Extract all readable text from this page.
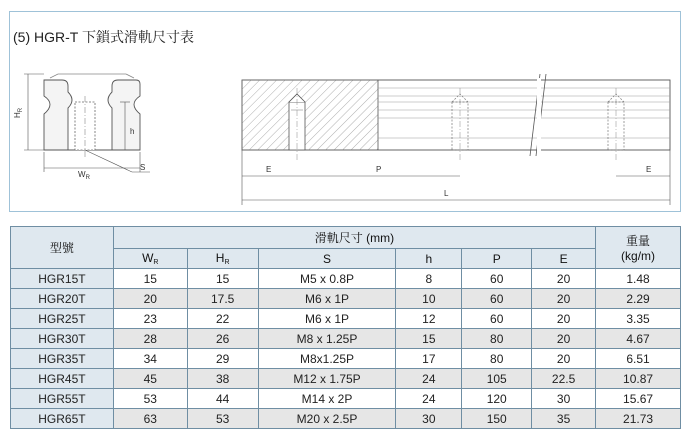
(5) HGR-T 下鎖式滑軌尺寸表
$H_R$
h
$W_R$
S	E	P	E
L
型號	滑軌尺寸 (mm)						重量
(kg/m)
	$W_R$	$H_R$	S	h	P	E	
HGR15T	15	15	M5 x 0.8P	8	60	20	1.48
HGR20T	20	17.5	M6 x 1P	10	60	20	2.29
HGR25T	23	22	M6 x 1P	12	60	20	3.35
HGR30T	28	26	M8 x 1.25P	15	80	20	4.67
HGR35T	34	29	M8x1.25P	17	80	20	6.51
HGR45T	45	38	M12 x 1.75P	24	105	22.5	10.87
HGR55T	53	44	M14 x 2P	24	120	30	15.67
HGR65T	63	53	M20 x 2.5P	30	150	35	21.73
